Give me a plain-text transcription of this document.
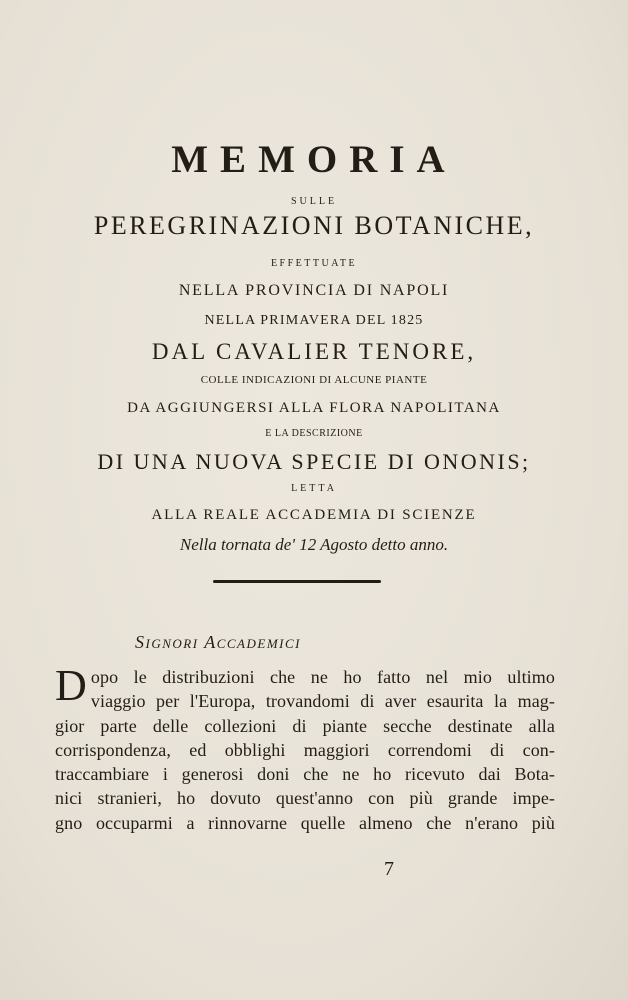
MEMORIA
SULLE
PEREGRINAZIONI BOTANICHE,
EFFETTUATE
NELLA PROVINCIA DI NAPOLI
NELLA PRIMAVERA DEL 1825
DAL CAVALIER TENORE,
COLLE INDICAZIONI DI ALCUNE PIANTE
DA AGGIUNGERSI ALLA FLORA NAPOLITANA
E LA DESCRIZIONE
DI UNA NUOVA SPECIE DI ONONIS;
LETTA
ALLA REALE ACCADEMIA DI SCIENZE
Nella tornata de' 12 Agosto detto anno.
Signori Accademici
D opo le distribuzioni che ne ho fatto nel mio ultimo
viaggio per l'Europa, trovandomi di aver esaurita la mag-
gior parte delle collezioni di piante secche destinate alla
corrispondenza, ed obblighi maggiori correndomi di con-
traccambiare i generosi doni che ne ho ricevuto dai Bota-
nici stranieri, ho dovuto quest'anno con più grande impe-
gno occuparmi a rinnovarne quelle almeno che n'erano più
7
